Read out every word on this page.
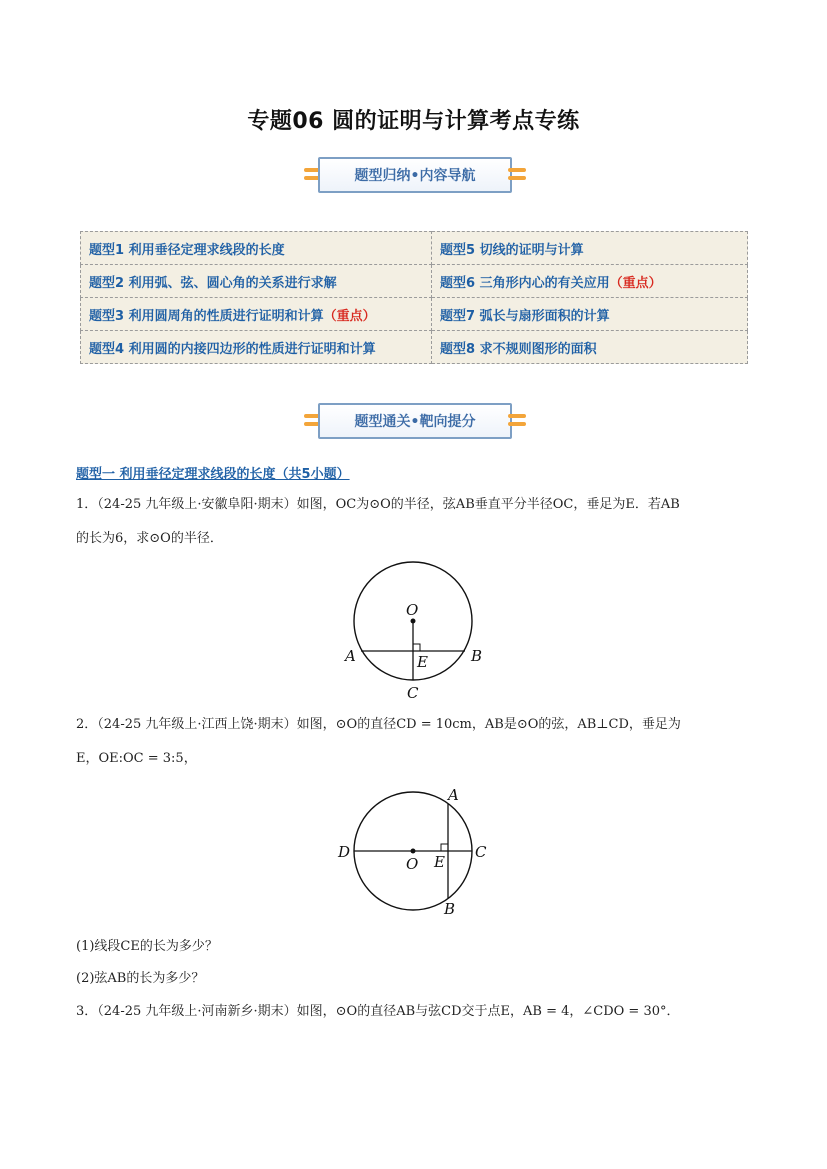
专题06 圆的证明与计算考点专练
题型归纳•内容导航
题型1 利用垂径定理求线段的长度	题型5 切线的证明与计算
题型2 利用弧、弦、圆心角的关系进行求解	题型6 三角形内心的有关应用（重点）
题型3 利用圆周角的性质进行证明和计算（重点）	题型7 弧长与扇形面积的计算
题型4 利用圆的内接四边形的性质进行证明和计算	题型8 求不规则图形的面积
题型通关•靶向提分
题型一 利用垂径定理求线段的长度（共5小题）
1．（24-25 九年级上·安徽阜阳·期末）如图，OC为⊙O的半径，弦AB垂直平分半径OC，垂足为E．若AB
的长为6，求⊙O的半径．
O
A	B
E
C
2．（24-25 九年级上·江西上饶·期末）如图，⊙O的直径CD = 10cm，AB是⊙O的弦，AB⊥CD，垂足为
E，OE:OC = 3:5，
A
B
C
D
E
O
(1)线段CE的长为多少？
(2)弦AB的长为多少？
3．（24-25 九年级上·河南新乡·期末）如图，⊙O的直径AB与弦CD交于点E，AB = 4，∠CDO = 30°．
